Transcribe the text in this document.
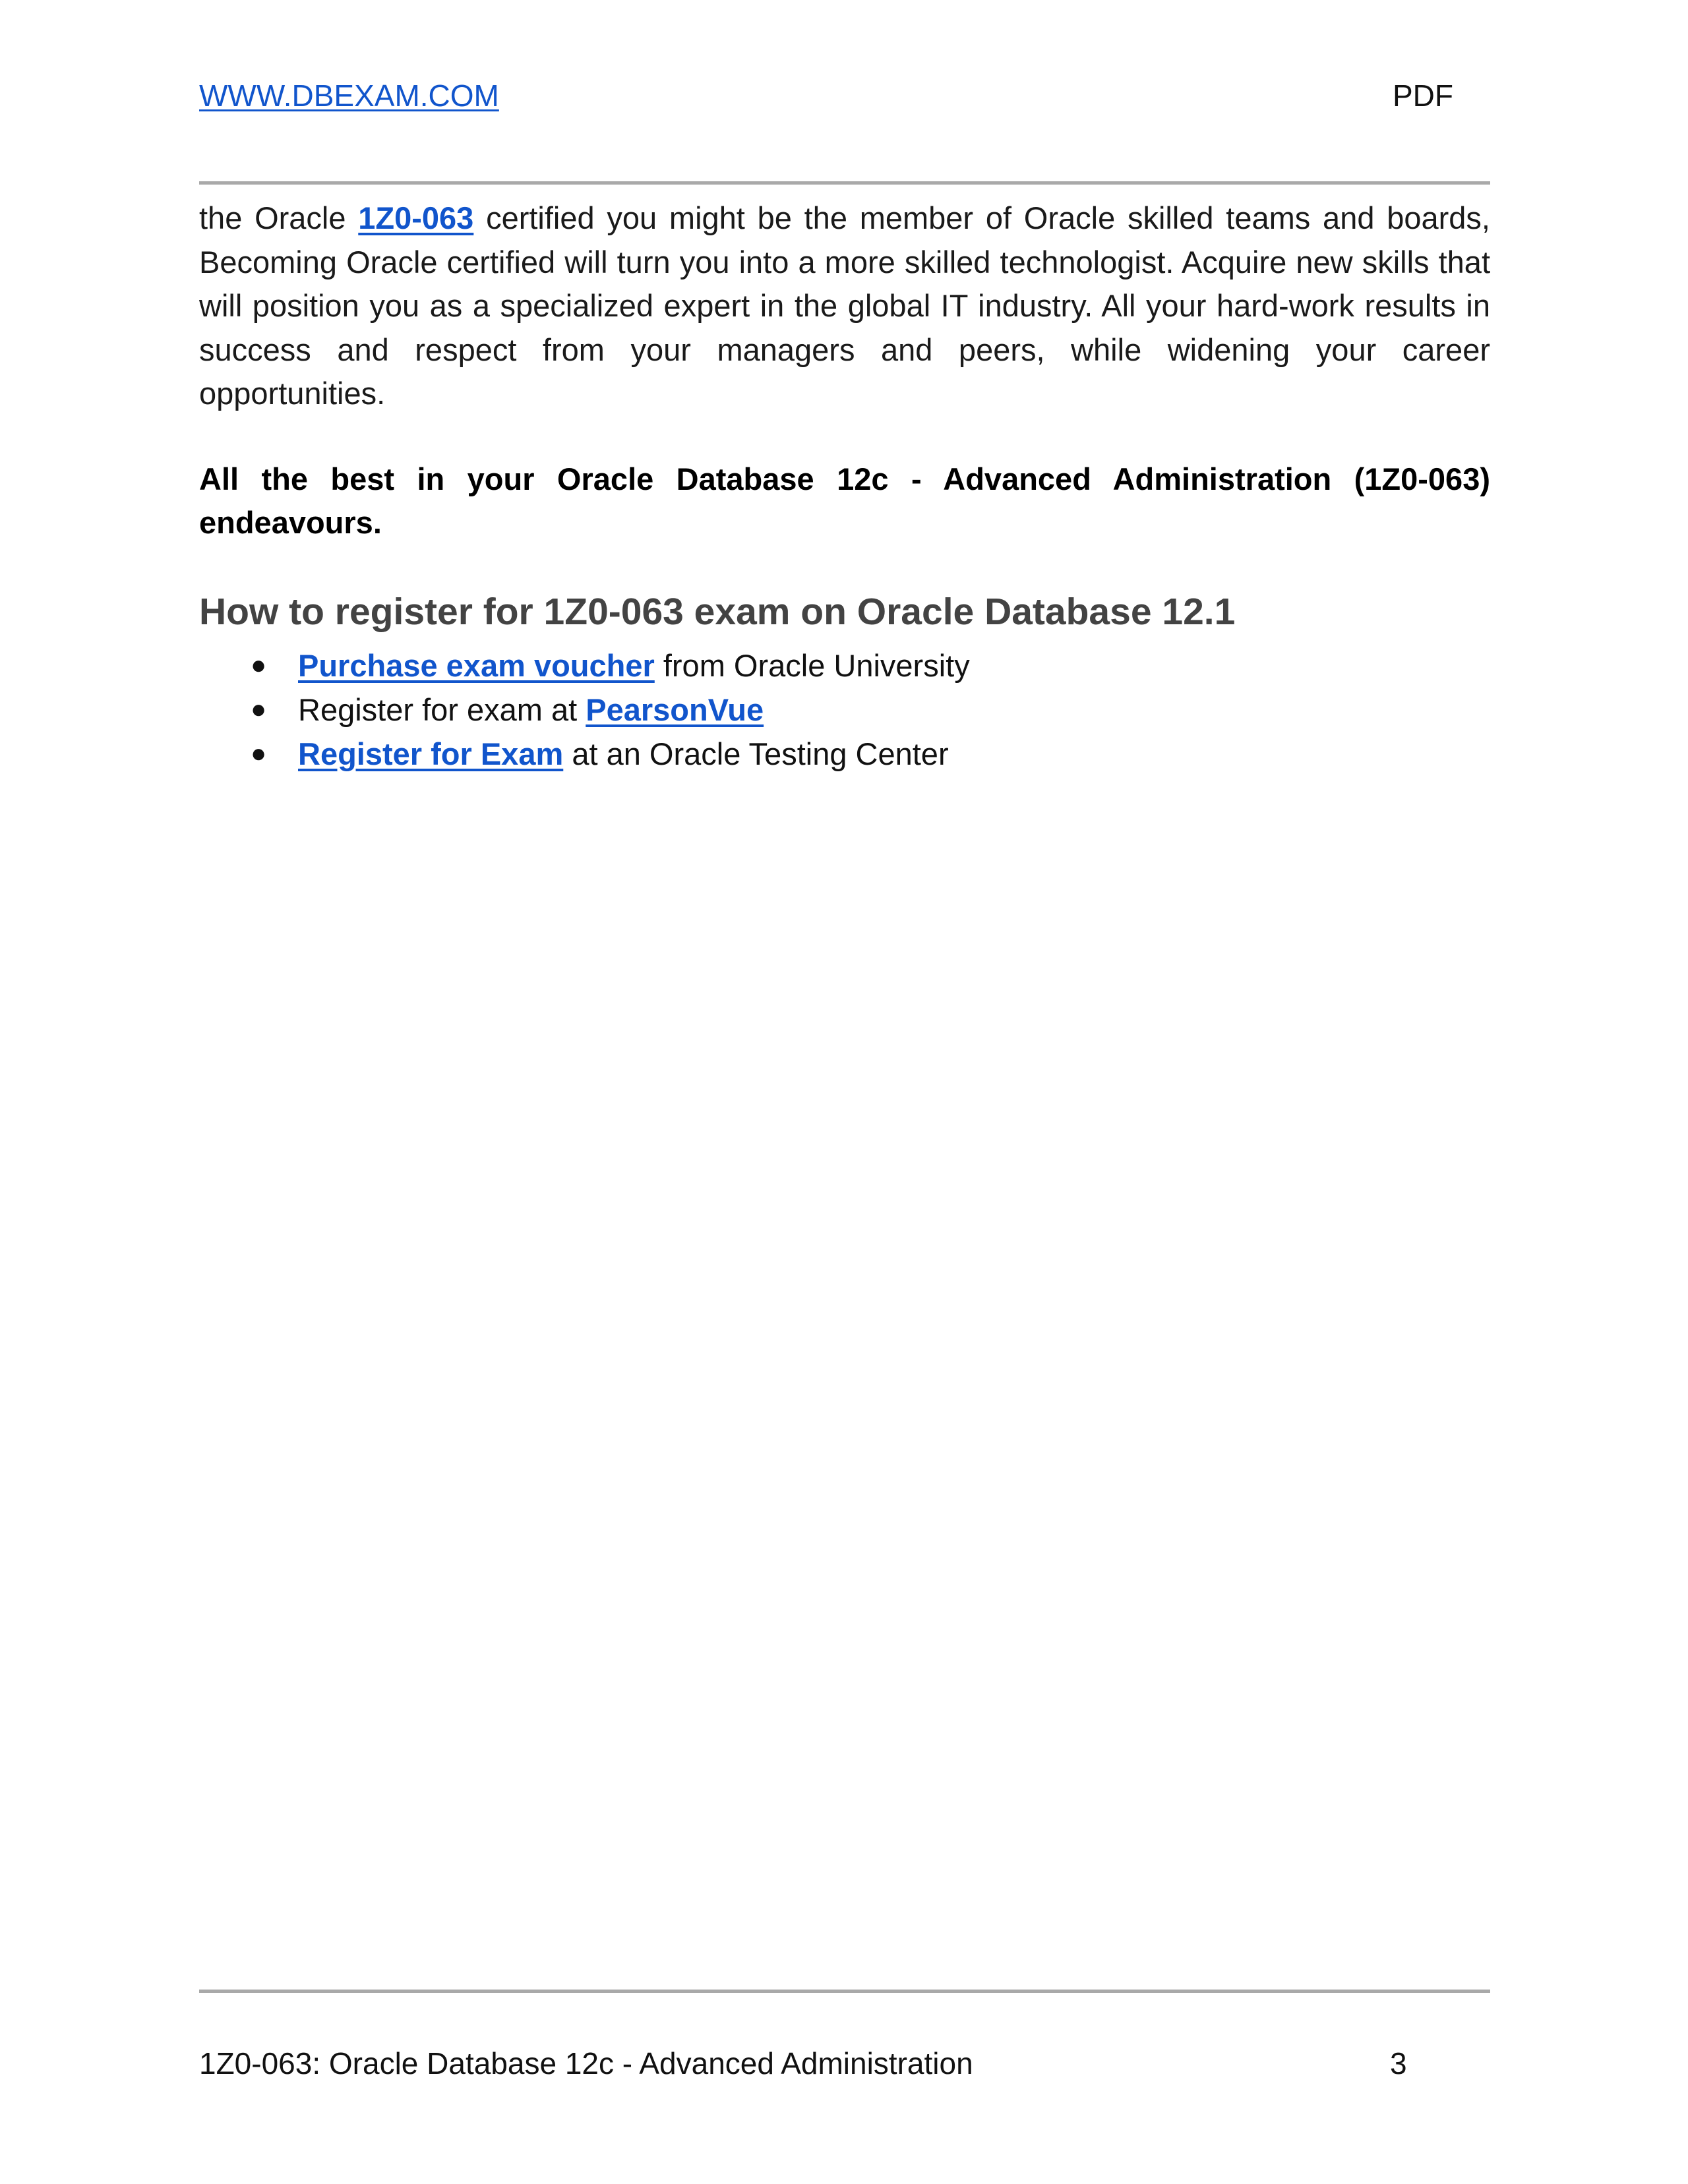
WWW.DBEXAM.COM	PDF

the Oracle 1Z0-063 certified you might be the member of Oracle skilled teams and boards, Becoming Oracle certified will turn you into a more skilled technologist. Acquire new skills that will position you as a specialized expert in the global IT industry. All your hard-work results in success and respect from your managers and peers, while widening your career opportunities.

All the best in your Oracle Database 12c - Advanced Administration (1Z0-063) endeavours.

How to register for 1Z0-063 exam on Oracle Database 12.1
● Purchase exam voucher from Oracle University
● Register for exam at PearsonVue
● Register for Exam at an Oracle Testing Center
1Z0-063: Oracle Database 12c - Advanced Administration	3
